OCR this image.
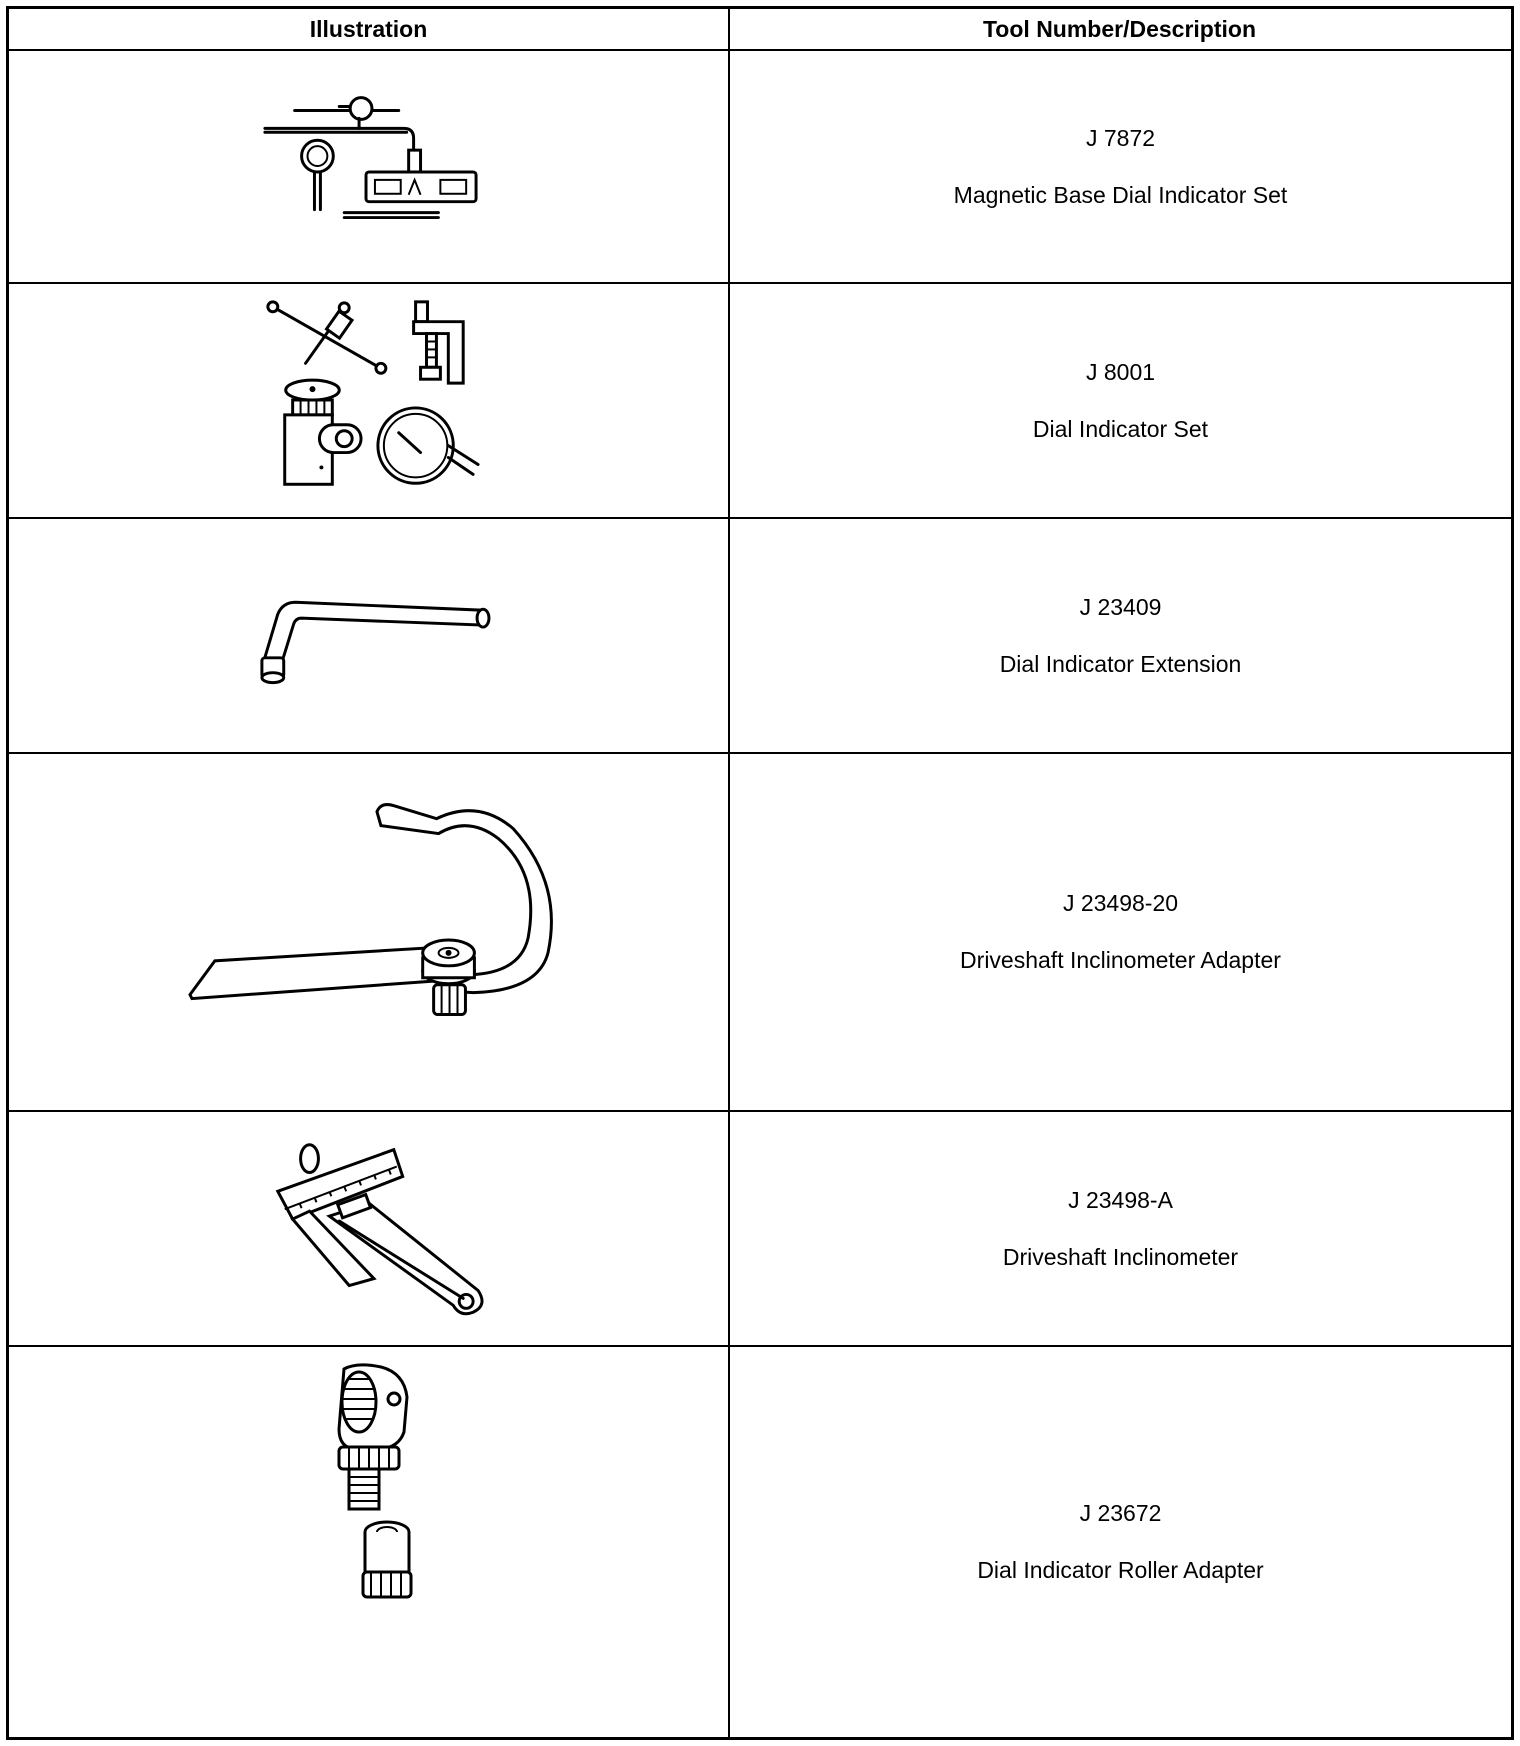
Illustration	Tool Number/Description
J 7872
Magnetic Base Dial Indicator Set
J 8001
Dial Indicator Set
J 23409
Dial Indicator Extension
J 23498-20
Driveshaft Inclinometer Adapter
J 23498-A
Driveshaft Inclinometer
J 23672
Dial Indicator Roller Adapter
